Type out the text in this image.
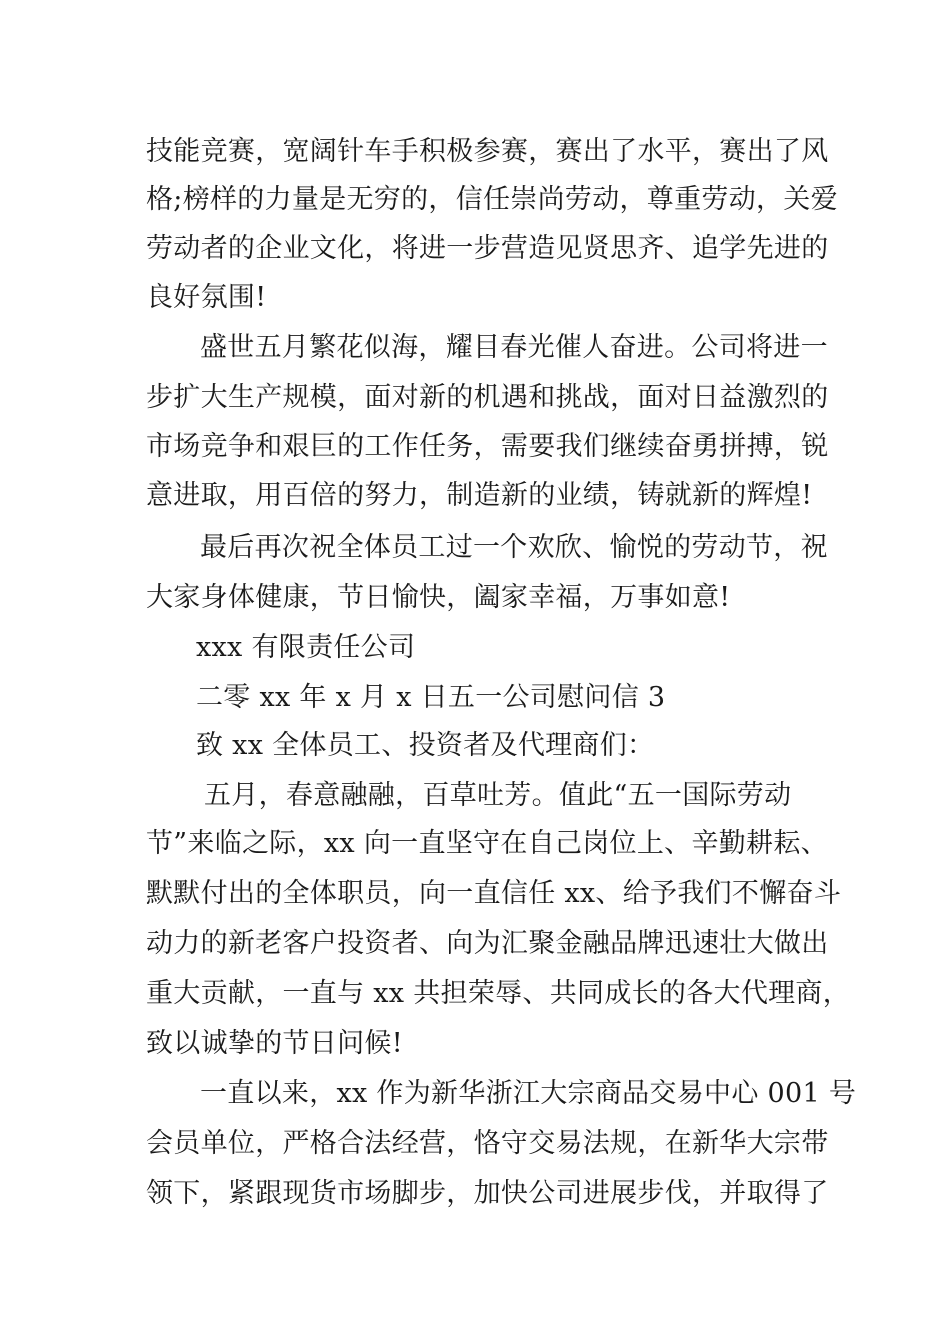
技能竞赛，宽阔针车手积极参赛，赛出了水平，赛出了风
格;榜样的力量是无穷的，信任崇尚劳动，尊重劳动，关爱
劳动者的企业文化，将进一步营造见贤思齐、追学先进的
良好氛围!
盛世五月繁花似海，耀目春光催人奋进。公司将进一
步扩大生产规模，面对新的机遇和挑战，面对日益激烈的
市场竞争和艰巨的工作任务，需要我们继续奋勇拼搏，锐
意进取，用百倍的努力，制造新的业绩，铸就新的辉煌!
最后再次祝全体员工过一个欢欣、愉悦的劳动节，祝
大家身体健康，节日愉快，阖家幸福，万事如意!
xxx 有限责任公司
二零 xx 年 x 月 x 日五一公司慰问信 3
致 xx 全体员工、投资者及代理商们：
五月，春意融融，百草吐芳。值此“五一国际劳动
节”来临之际，xx 向一直坚守在自己岗位上、辛勤耕耘、
默默付出的全体职员，向一直信任 xx、给予我们不懈奋斗
动力的新老客户投资者、向为汇聚金融品牌迅速壮大做出
重大贡献，一直与 xx 共担荣辱、共同成长的各大代理商，
致以诚挚的节日问候!
一直以来，xx 作为新华浙江大宗商品交易中心 001 号
会员单位，严格合法经营，恪守交易法规，在新华大宗带
领下，紧跟现货市场脚步，加快公司进展步伐，并取得了
